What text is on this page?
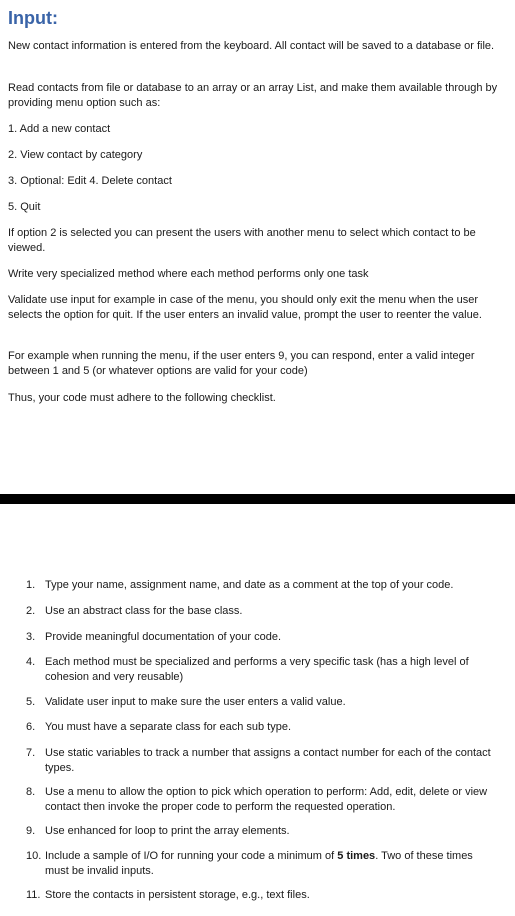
Input:

New contact information is entered from the keyboard. All contact will be saved to a database or file.

Read contacts from file or database to an array or an array List, and make them available through by providing menu option such as:

1. Add a new contact

2. View contact by category

3. Optional: Edit 4. Delete contact

5. Quit

If option 2 is selected you can present the users with another menu to select which contact to be viewed.

Write very specialized method where each method performs only one task

Validate use input for example in case of the menu, you should only exit the menu when the user selects the option for quit. If the user enters an invalid value, prompt the user to reenter the value.

For example when running the menu, if the user enters 9, you can respond, enter a valid integer between 1 and 5 (or whatever options are valid for your code)

Thus, your code must adhere to the following checklist.

1. Type your name, assignment name, and date as a comment at the top of your code.
2. Use an abstract class for the base class.
3. Provide meaningful documentation of your code.
4. Each method must be specialized and performs a very specific task (has a high level of cohesion and very reusable)
5. Validate user input to make sure the user enters a valid value.
6. You must have a separate class for each sub type.
7. Use static variables to track a number that assigns a contact number for each of the contact types.
8. Use a menu to allow the option to pick which operation to perform: Add, edit, delete or view contact then invoke the proper code to perform the requested operation.
9. Use enhanced for loop to print the array elements.
10. Include a sample of I/O for running your code a minimum of 5 times. Two of these times must be invalid inputs.
11. Store the contacts in persistent storage, e.g., text files.
